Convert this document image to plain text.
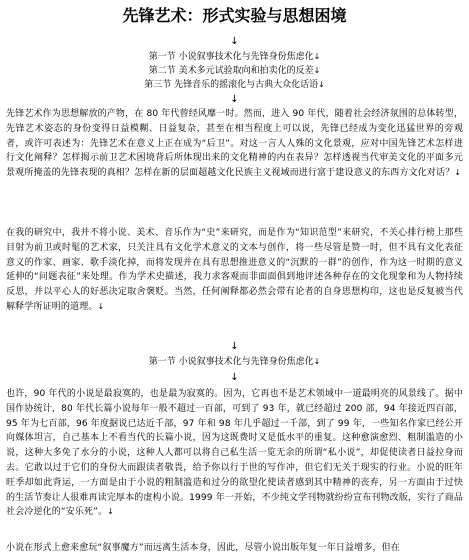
先锋艺术：形式实验与思想困境
↓
第一节 小说叙事技术化与先锋身份焦虑化↓
第二节 美术多元试验取向和拍卖化的反差↓
第三节 先锋音乐的摇滚化与古典大众化话语↓
↓

先锋艺术作为思想解放的产物，在 80 年代曾经风靡一时。然而，进入 90 年代，随着社会经济氛围的总体转型，先锋艺术姿态的身份变得日益模糊、日益复杂，甚至在相当程度上可以说，先锋已经成为变化迅猛世界的旁观者，或许可表述为：先锋艺术在意义上正在成为“后卫”。对这一言人人殊的文化景观，应对中国先锋艺术怎样进行文化阐释？怎样揭示前卫艺术困境背后所体现出来的文化精神的内在表异？怎样透视当代审美文化的平面多元景观所掩盖的先锋表现的真相？怎样在新的层面超越文化民族主义视域而进行富于建设意义的东西方文化对话？↓

在我的研究中，我并不将小说、美术、音乐作为“史”来研究，而是作为“知识范型”来研究，不关心排行榜上那些目射为前卫或时髦的艺术家，只关注具有文化学术意义的文本与创作，将一些尽管是赞一时，但不具有文化表征意义的作家、画家、歌手淡化掉，而将发现并在具有思想推进意义的“沉默的一群”的创作，作为这一时期的意义延伸的“问题表征”来处理。作为学术史描述，我力求客观而非面面俱到地评述各种存在的文化现象和为人物持续反思，并以平心人的好恶决定取舍褒贬。当然，任何阐释都必然会带有论者的自身思想构印，这也是反复被当代解释学所证明的道理。↓

↓
第一节 小说叙事技术化与先锋身份焦虑化↓
↓

也许，90 年代的小说是最寂寞的，也是最为寂寞的。因为，它再也不是艺术领域中一道最明亮的风景线了。据中国作协统计，80 年代长篇小说每年一般不超过一百部，可到了 93 年，就已经超过 200 部，94 年接近四百部，95 年为七百部，96 年度据说已达近千部，97 年和 98 年几乎超过一千部，到了 99 年，一些知名作家已经公开向媒体坦言，自己基本上不看当代的长篇小说，因为这既费时又是低水平的重复。这种愈演愈烈、粗制滥造的小说，这种大多免了水分的小说，这种人人都可以将自己私生活一览无余的所谓“私小说”，却促使读者日益拉身而去。它敢以过于它们的身份大而跟读者敬畏，给予你以行于世的写作冲，但它们无关于现实的行业。小说的旺年旺季却如此背运，一方面是由于小说的粗制滥造和过分的欲望化使读者感到其中精神的丧弃，另一方面由于过快的生活节奏让人很难再读完厚本的虚构小说。1999 年一开始，不少纯文学刊物就纷纷宣布刊物改版，实行了商品社会冷逆化的“安乐死”。↓

小说在形式上愈来愈玩“叙事魔方”而远离生活本身，因此，尽管小说出版年复一年日益增多，但在
